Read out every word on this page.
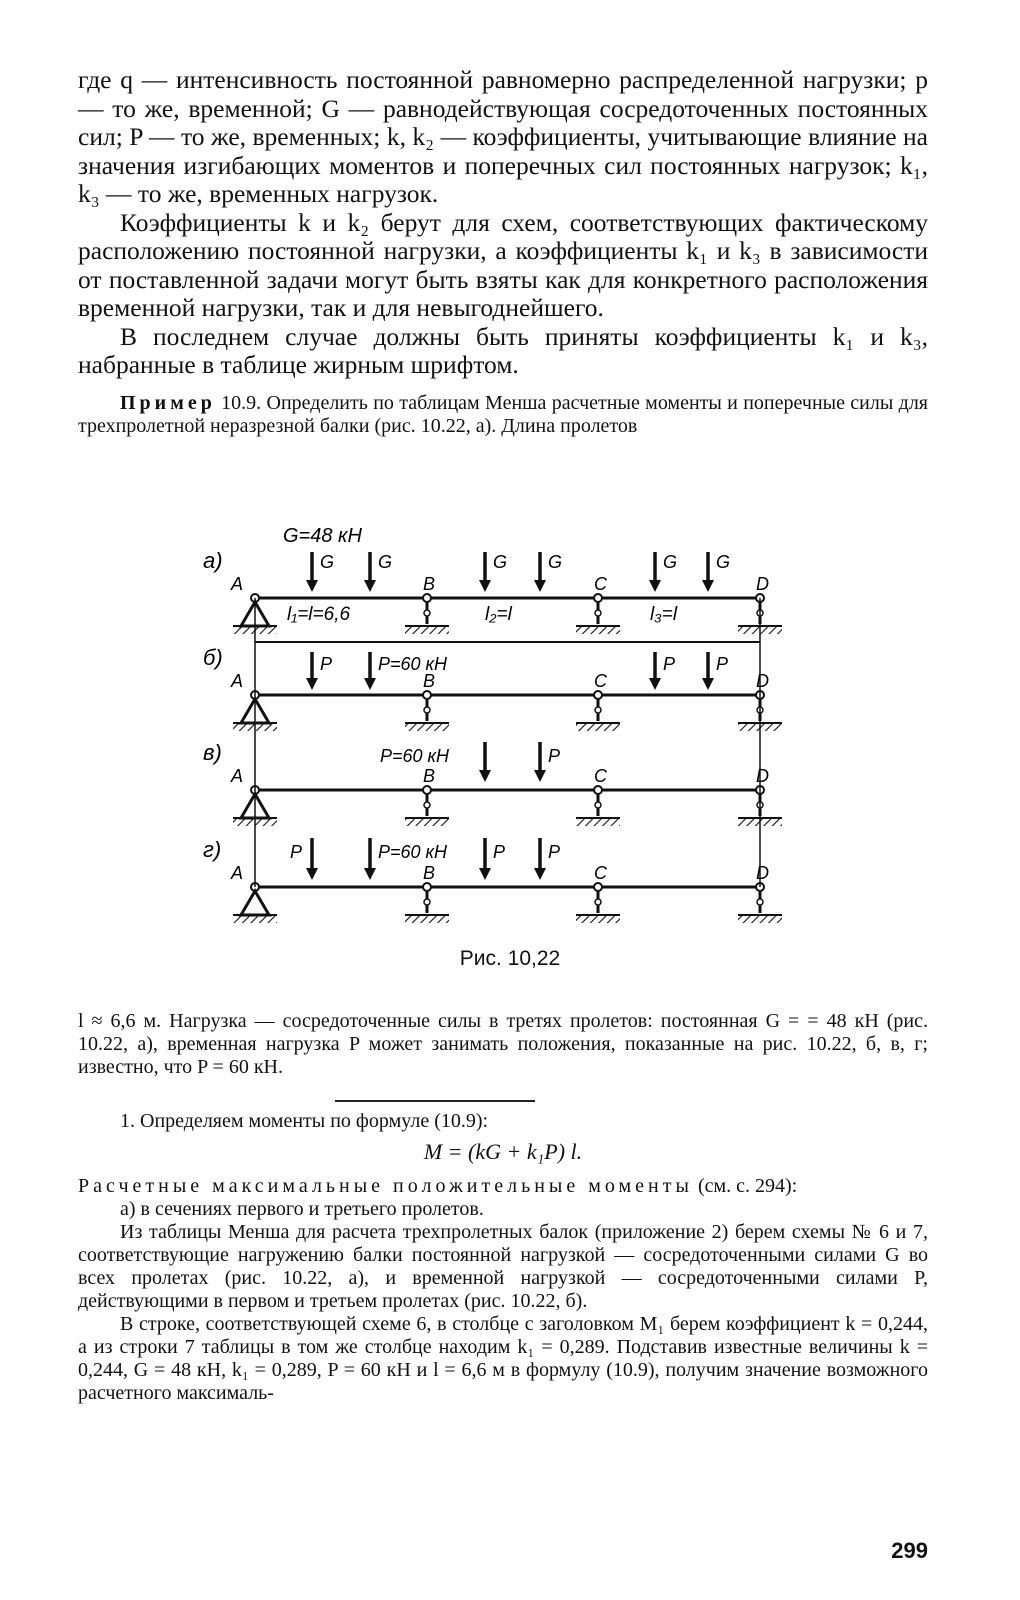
где q — интенсивность постоянной равномерно распределенной нагрузки; p — то же, временной; G — равнодействующая сосредоточенных постоянных сил; P — то же, временных; k, k₂ — коэффициенты, учитывающие влияние на значения изгибающих моментов и поперечных сил постоянных нагрузок; k₁, k₃ — то же, временных нагрузок.

Коэффициенты k и k₂ берут для схем, соответствующих фактическому расположению постоянной нагрузки, а коэффициенты k₁ и k₃ в зависимости от поставленной задачи могут быть взяты как для конкретного расположения временной нагрузки, так и для невыгоднейшего.

В последнем случае должны быть приняты коэффициенты k₁ и k₃, набранные в таблице жирным шрифтом.

Пример 10.9. Определить по таблицам Менша расчетные моменты и поперечные силы для трехпролетной неразрезной балки (рис. 10.22, а). Длина пролетов

G=48 кН
а)
A	B	C	D
б)
A	B	C	D
в)
A	B	C	D
г)
A	B	C	D
l₁=l=6,6	l₂=l	l₃=l
G G	G G	G G
P	P=60 кН	P P
P=60 кН	P
P	P=60 кН	P P
Рис. 10,22

l ≈ 6,6 м. Нагрузка — сосредоточенные силы в третях пролетов: постоянная G = = 48 кН (рис. 10.22, а), временная нагрузка P может занимать положения, показанные на рис. 10.22, б, в, г; известно, что P = 60 кН.

1. Определяем моменты по формуле (10.9):

M = (kG + k₁P) l.

Расчетные максимальные положительные моменты (см. с. 294):

а) в сечениях первого и третьего пролетов.

Из таблицы Менша для расчета трехпролетных балок (приложение 2) берем схемы № 6 и 7, соответствующие нагружению балки постоянной нагрузкой — сосредоточенными силами G во всех пролетах (рис. 10.22, а), и временной нагрузкой — сосредоточенными силами P, действующими в первом и третьем пролетах (рис. 10.22, б).

В строке, соответствующей схеме 6, в столбце с заголовком M₁ берем коэффициент k = 0,244, а из строки 7 таблицы в том же столбце находим k₁ = 0,289. Подставив известные величины k = 0,244, G = 48 кН, k₁ = 0,289, P = 60 кН и l = 6,6 м в формулу (10.9), получим значение возможного расчетного максималь-

299
